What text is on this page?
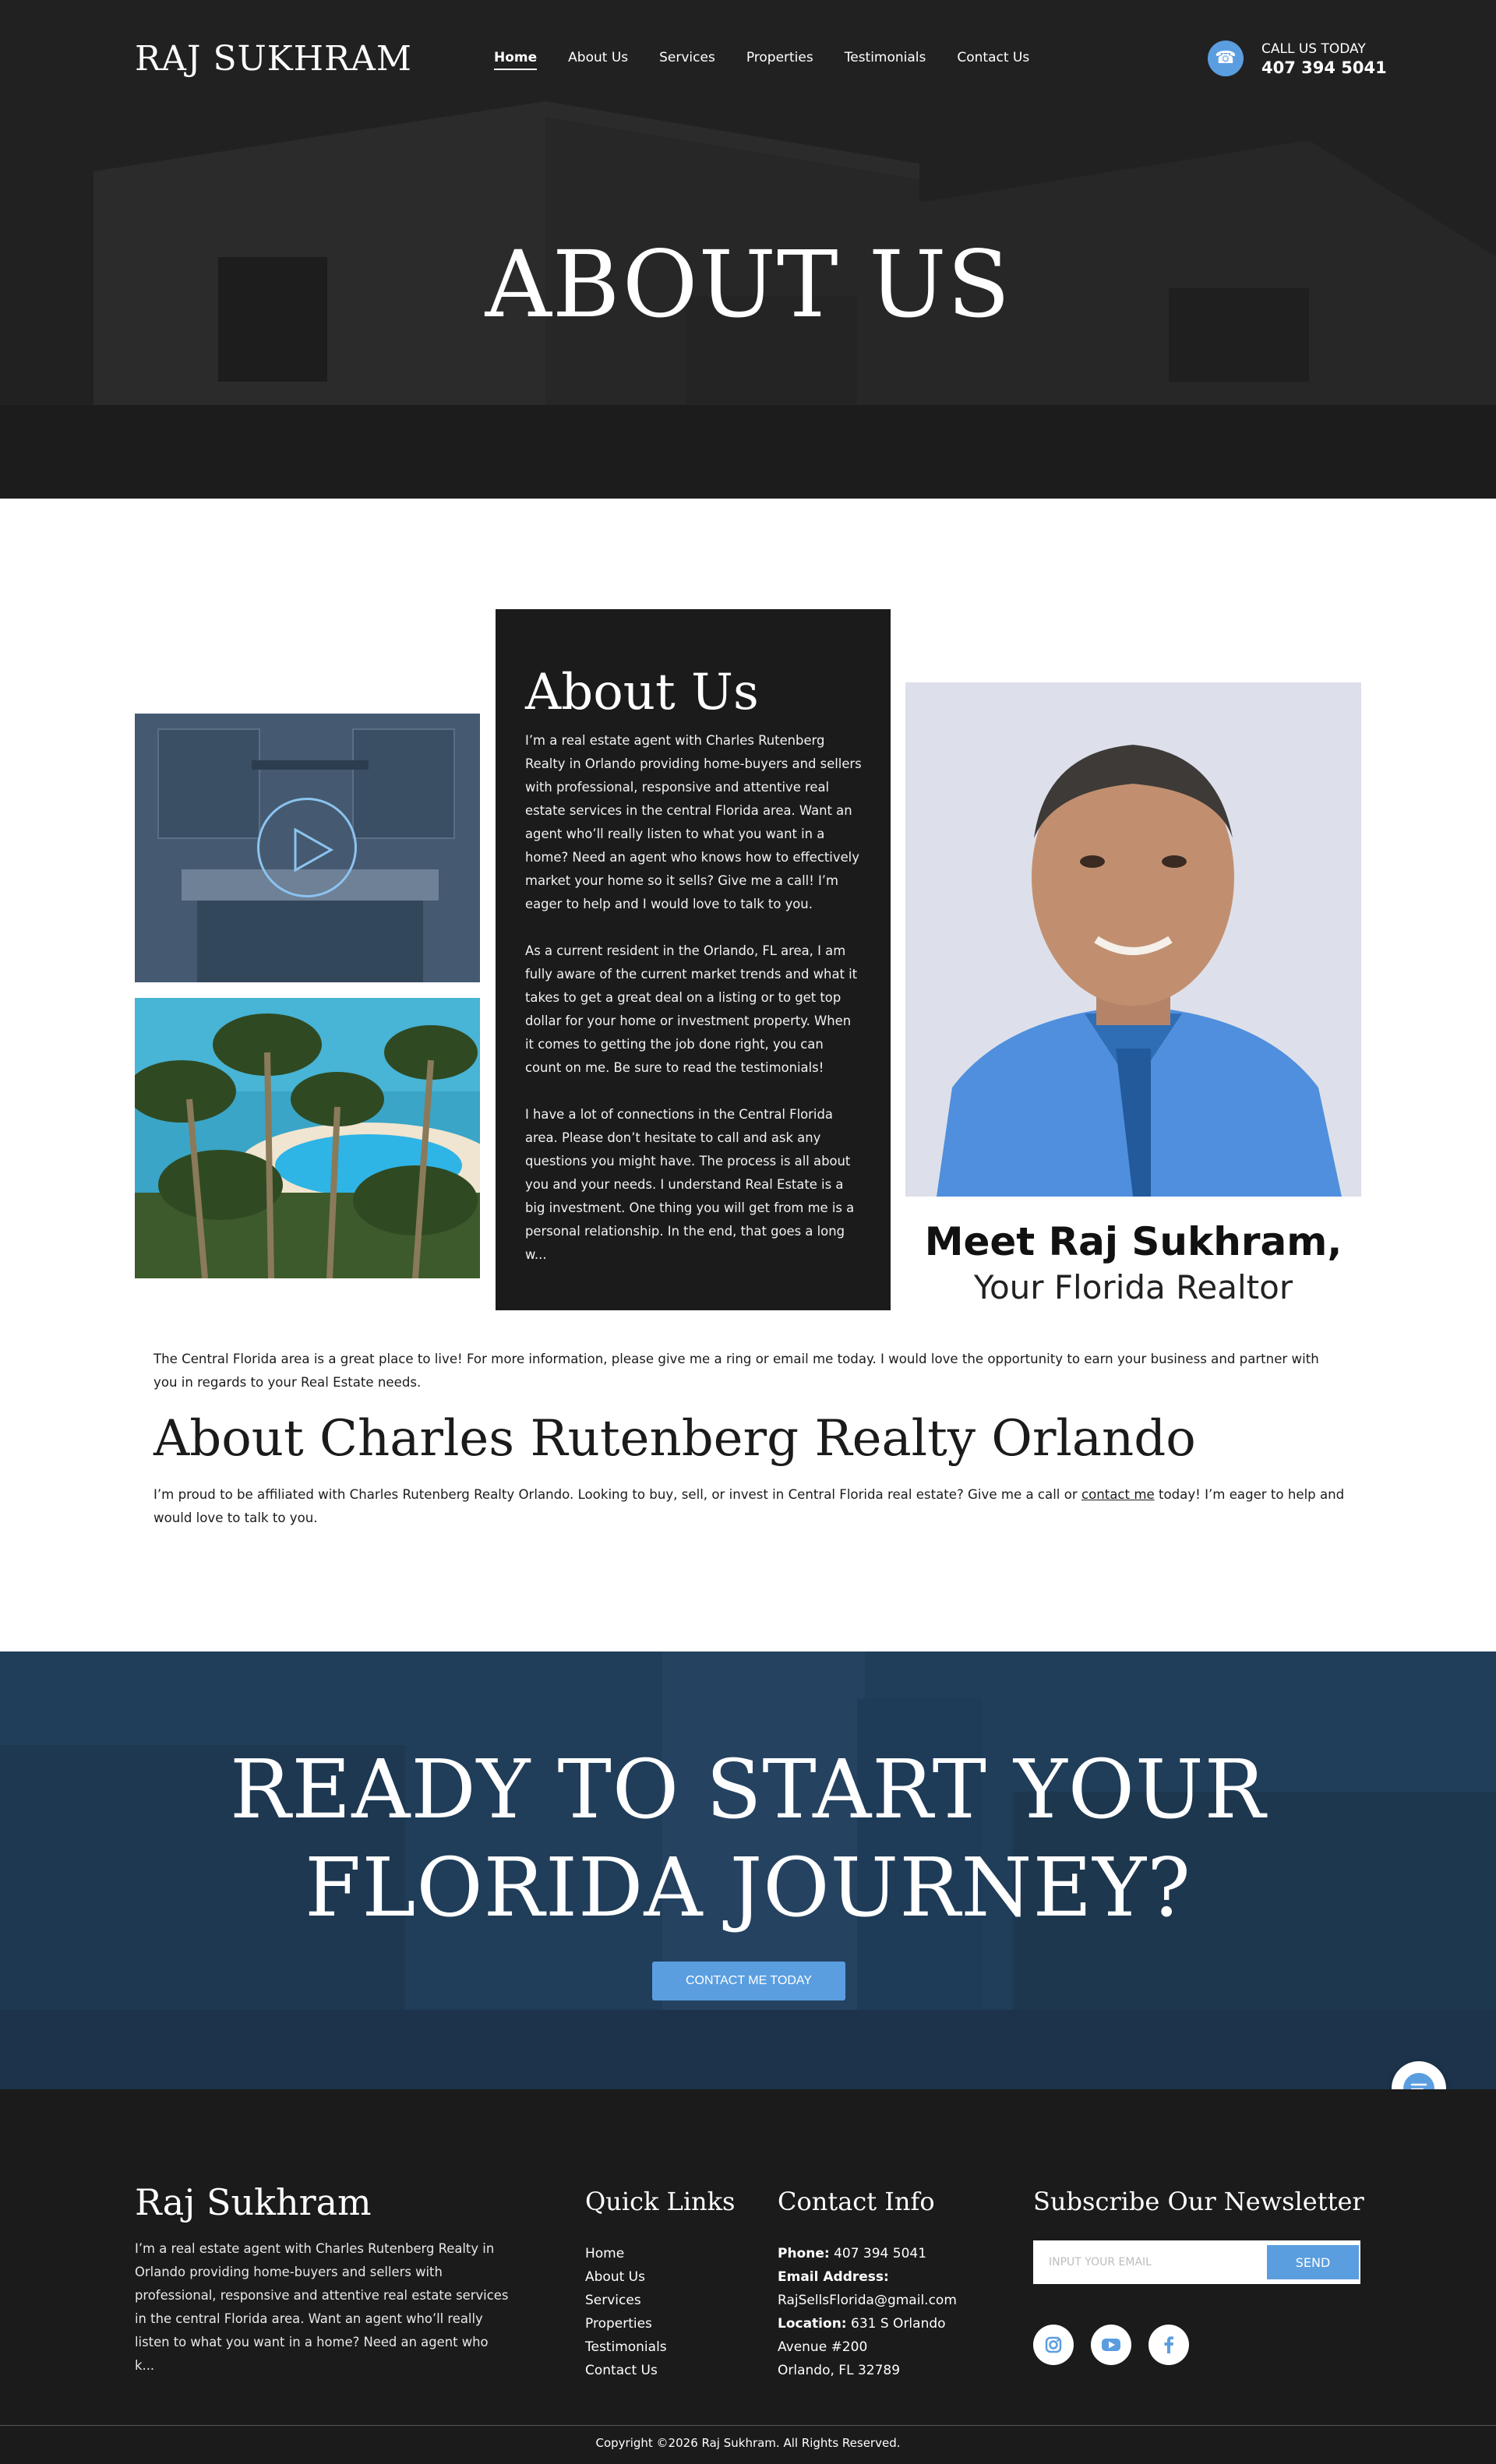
RAJ SUKHRAM	Home About Us Services Properties Testimonials Contact Us	☎	CALL US TODAY
407 394 5041
ABOUT US
About Us

I’m a real estate agent with Charles Rutenberg Realty in Orlando providing home-buyers and sellers with professional, responsive and attentive real estate services in the central Florida area. Want an agent who’ll really listen to what you want in a home? Need an agent who knows how to effectively market your home so it sells? Give me a call! I’m eager to help and I would love to talk to you.

As a current resident in the Orlando, FL area, I am fully aware of the current market trends and what it takes to get a great deal on a listing or to get top dollar for your home or investment property. When it comes to getting the job done right, you can count on me. Be sure to read the testimonials!

I have a lot of connections in the Central Florida area. Please don’t hesitate to call and ask any questions you might have. The process is all about you and your needs. I understand Real Estate is a big investment. One thing you will get from me is a personal relationship. In the end, that goes a long w...	Meet Raj Sukhram,
Your Florida Realtor

The Central Florida area is a great place to live! For more information, please give me a ring or email me today. I would love the opportunity to earn your business and partner with you in regards to your Real Estate needs.

About Charles Rutenberg Realty Orlando

I’m proud to be affiliated with Charles Rutenberg Realty Orlando. Looking to buy, sell, or invest in Central Florida real estate? Give me a call or contact me today! I’m eager to help and would love to talk to you.

READY TO START YOUR
FLORIDA JOURNEY?
CONTACT ME TODAY
Raj Sukhram

I’m a real estate agent with Charles Rutenberg Realty in Orlando providing home-buyers and sellers with professional, responsive and attentive real estate services in the central Florida area. Want an agent who’ll really listen to what you want in a home? Need an agent who k...

Quick Links
Home
About Us
Services
Properties
Testimonials
Contact Us
Contact Info
Phone: 407 394 5041
Email Address:
RajSellsFlorida@gmail.com
Location: 631 S Orlando
Avenue #200
Orlando, FL 32789
Subscribe Our Newsletter
INPUT YOUR EMAIL
SEND
Copyright ©2026 Raj Sukhram. All Rights Reserved.
